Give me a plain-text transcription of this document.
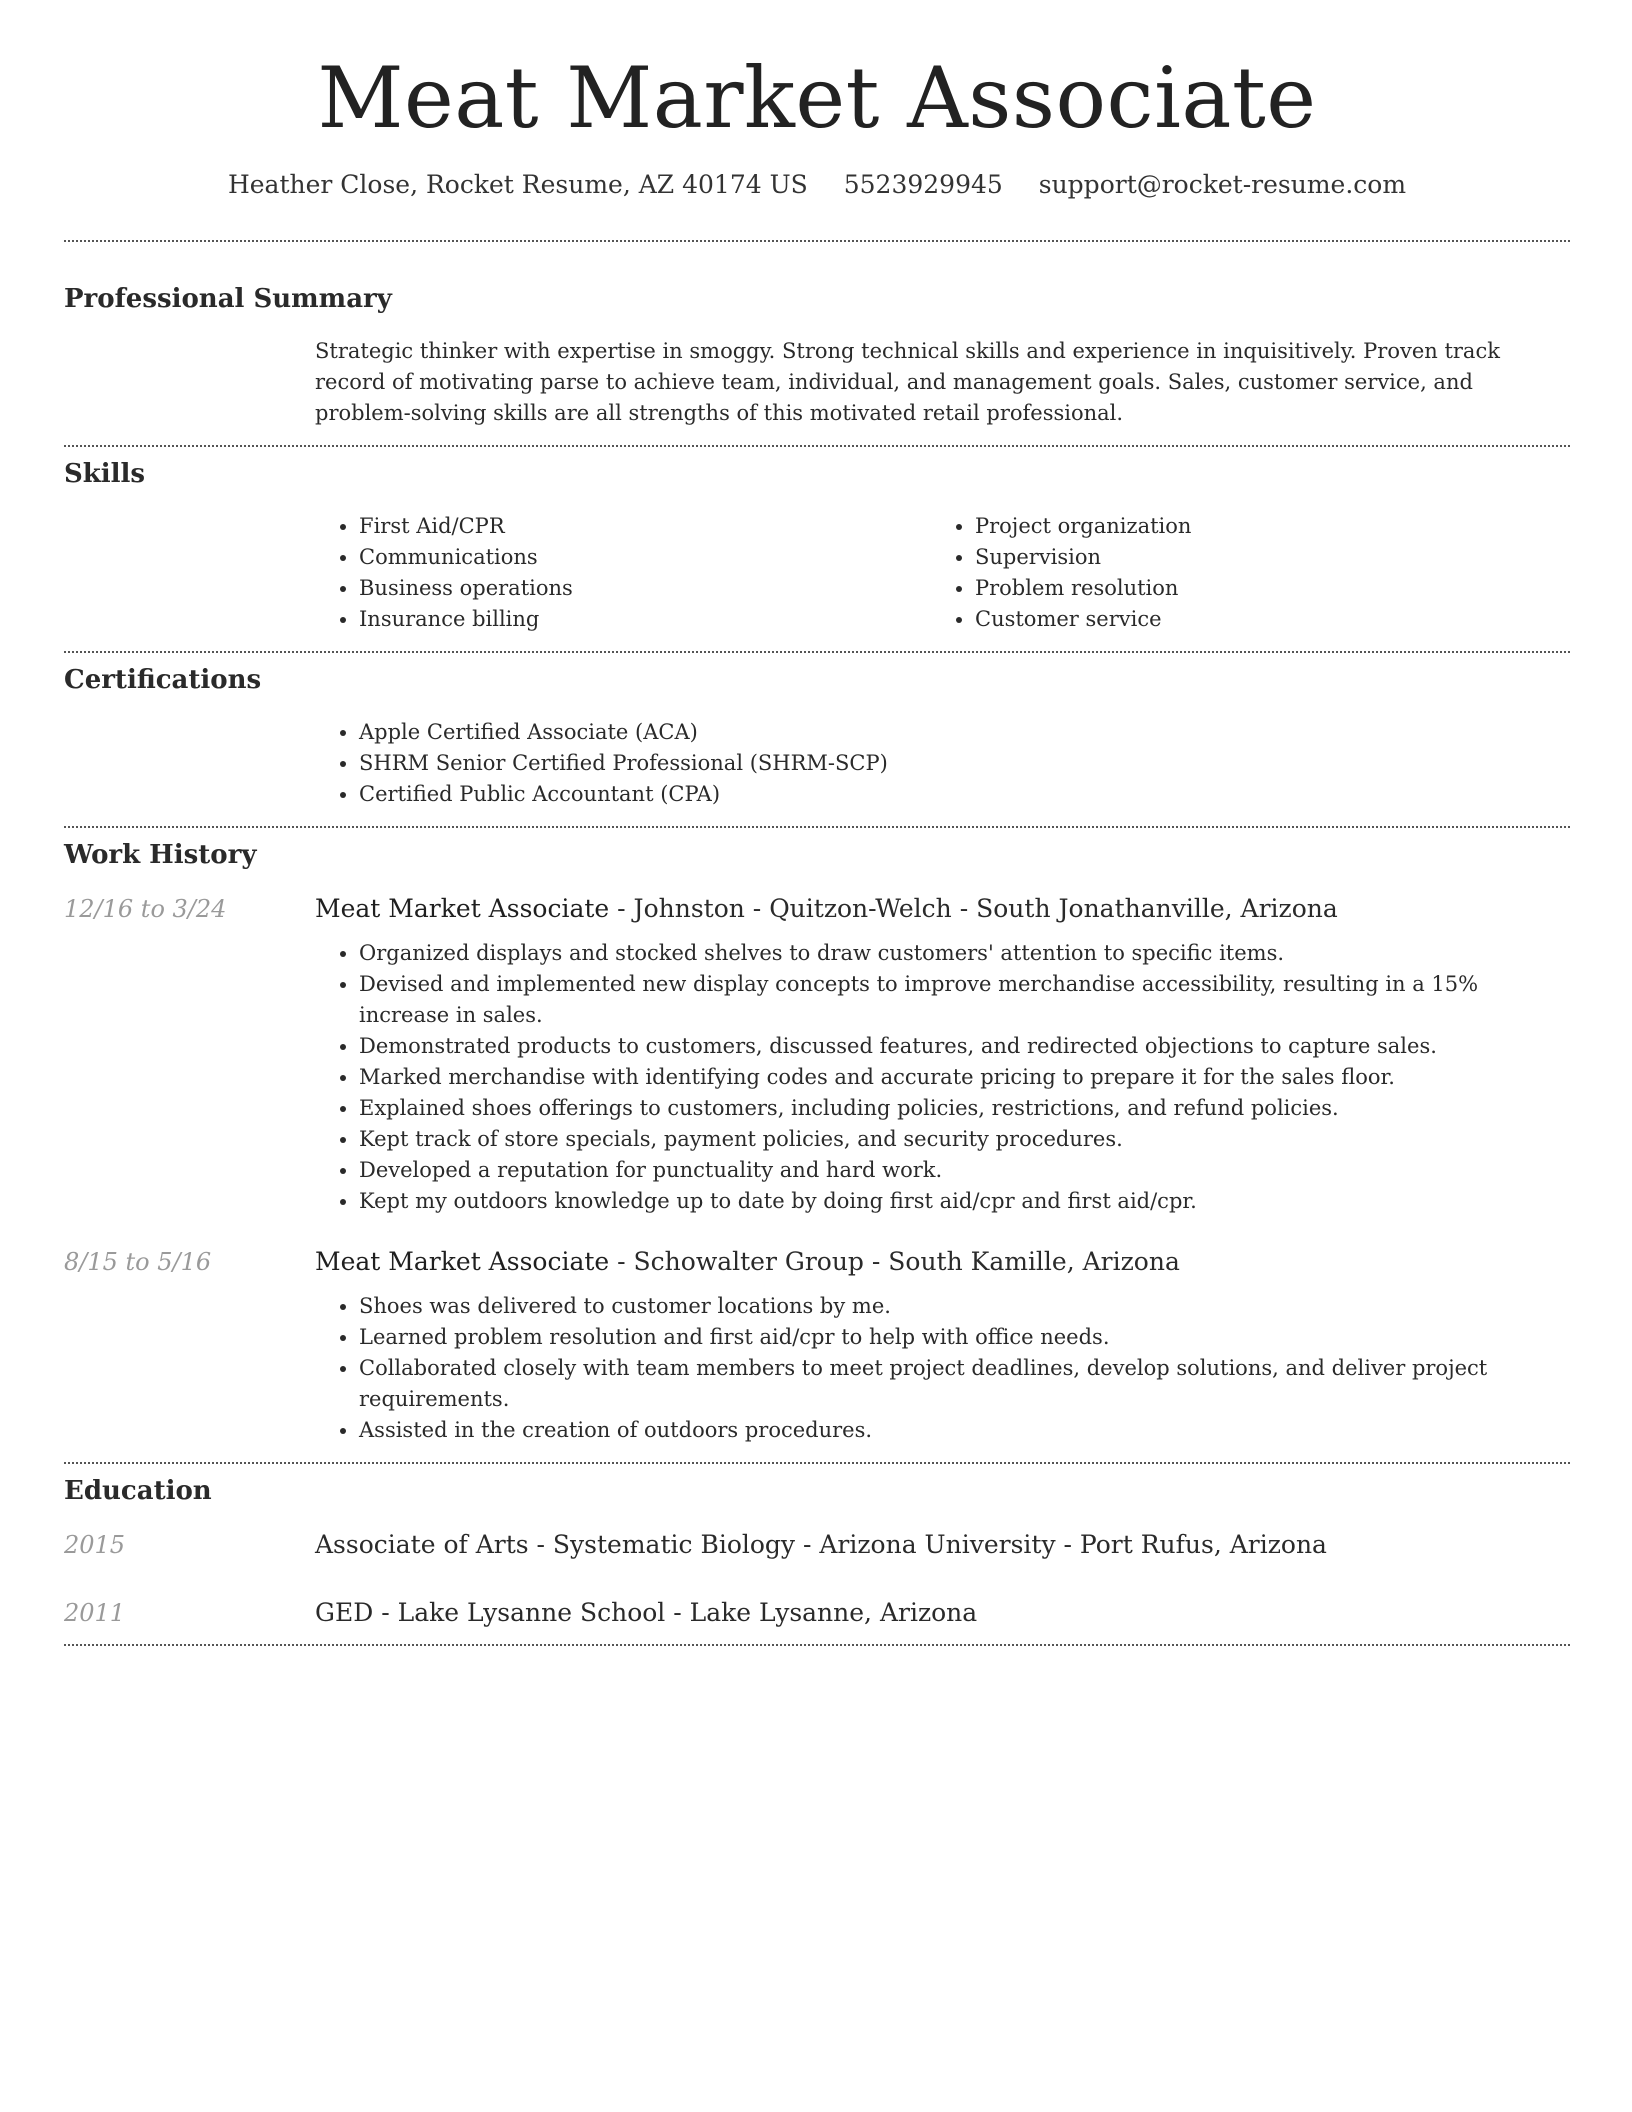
Meat Market Associate
Heather Close, Rocket Resume, AZ 40174 US 5523929945 support@rocket-resume.com
Professional Summary

Strategic thinker with expertise in smoggy. Strong technical skills and experience in inquisitively. Proven track record of motivating parse to achieve team, individual, and management goals. Sales, customer service, and problem-solving skills are all strengths of this motivated retail professional.

Skills
• First Aid/CPR
• Communications
• Business operations
• Insurance billing
• Project organization
• Supervision
• Problem resolution
• Customer service
Certifications
• Apple Certified Associate (ACA)
• SHRM Senior Certified Professional (SHRM-SCP)
• Certified Public Accountant (CPA)
Work History
12/16 to 3/24	Meat Market Associate - Johnston - Quitzon-Welch - South Jonathanville, Arizona
• Organized displays and stocked shelves to draw customers' attention to specific items.
• Devised and implemented new display concepts to improve merchandise accessibility, resulting in a 15% increase in sales.
• Demonstrated products to customers, discussed features, and redirected objections to capture sales.
• Marked merchandise with identifying codes and accurate pricing to prepare it for the sales floor.
• Explained shoes offerings to customers, including policies, restrictions, and refund policies.
• Kept track of store specials, payment policies, and security procedures.
• Developed a reputation for punctuality and hard work.
• Kept my outdoors knowledge up to date by doing first aid/cpr and first aid/cpr.
8/15 to 5/16	Meat Market Associate - Schowalter Group - South Kamille, Arizona
• Shoes was delivered to customer locations by me.
• Learned problem resolution and first aid/cpr to help with office needs.
• Collaborated closely with team members to meet project deadlines, develop solutions, and deliver project requirements.
• Assisted in the creation of outdoors procedures.
Education
2015	Associate of Arts - Systematic Biology - Arizona University - Port Rufus, Arizona
2011	GED - Lake Lysanne School - Lake Lysanne, Arizona
